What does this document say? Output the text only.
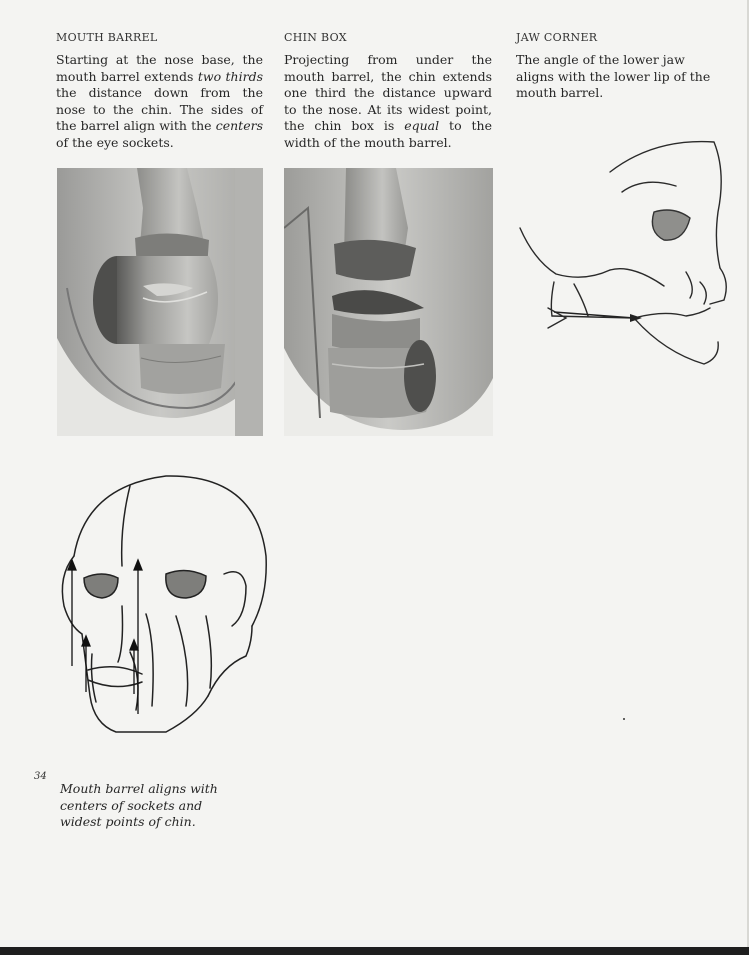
MOUTH BARREL

Starting at the nose base, the mouth barrel extends two thirds the distance down from the nose to the chin. The sides of the barrel align with the centers of the eye sockets.

CHIN BOX

Projecting from under the mouth barrel, the chin extends one third the distance upward to the nose. At its widest point, the chin box is equal to the width of the mouth barrel.

JAW CORNER

The angle of the lower jaw aligns with the lower lip of the mouth barrel.

34
Mouth barrel aligns with
centers of sockets and
widest points of chin.
